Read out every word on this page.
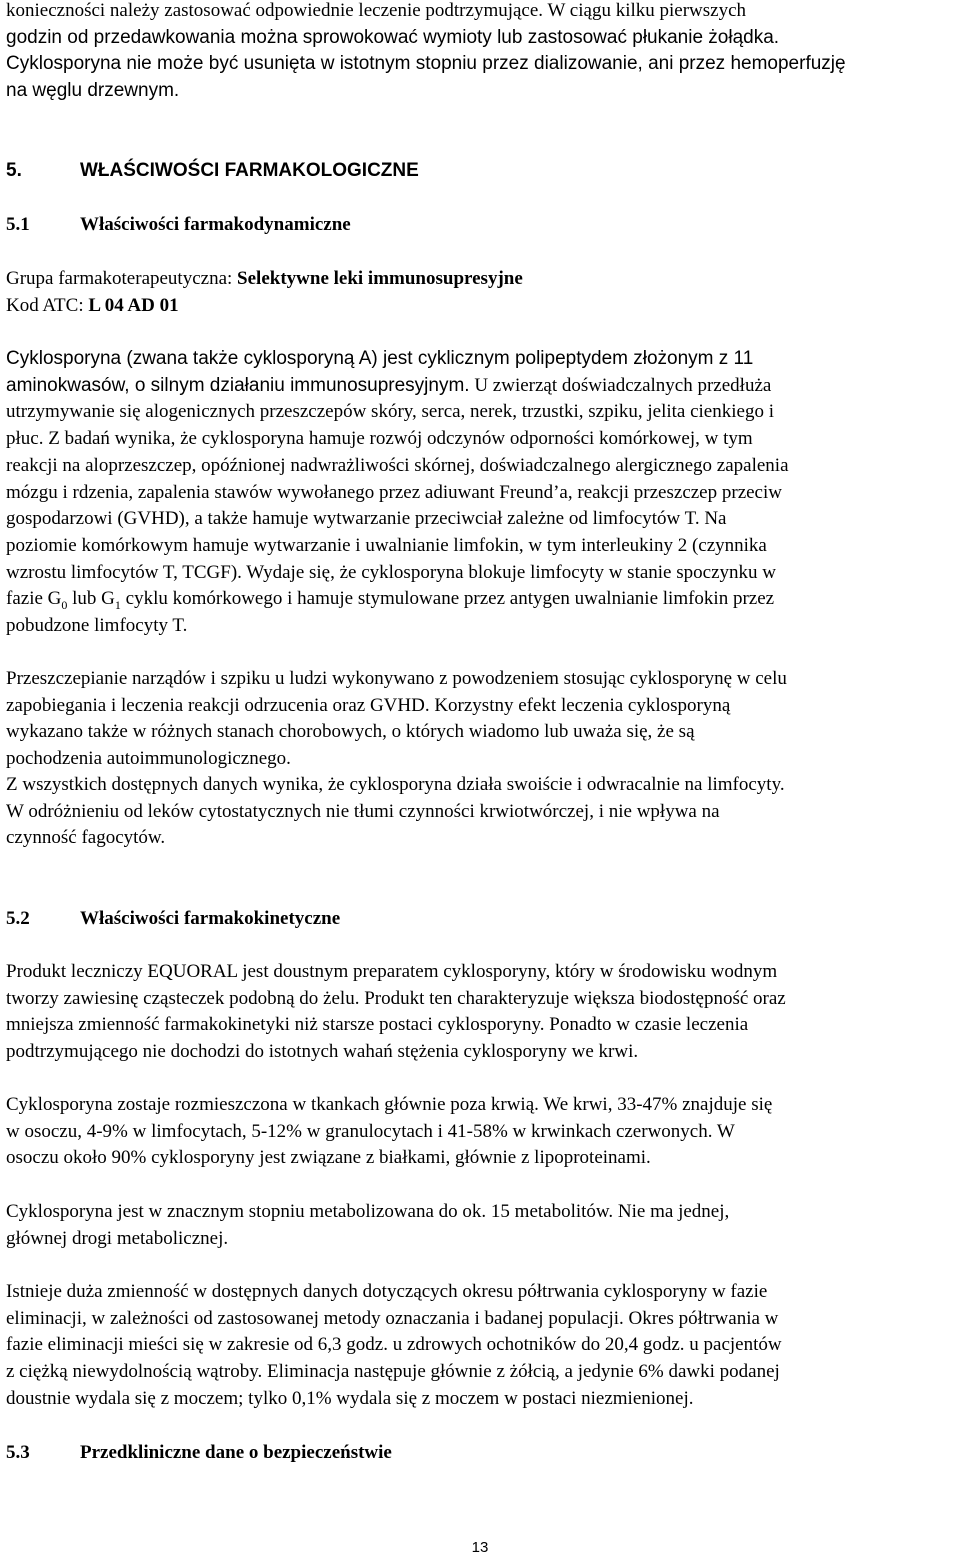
konieczności należy zastosować odpowiednie leczenie podtrzymujące. W ciągu kilku pierwszych
godzin od przedawkowania można sprowokować wymioty lub zastosować płukanie żołądka.
Cyklosporyna nie może być usunięta w istotnym stopniu przez dializowanie, ani przez hemoperfuzję
na węglu drzewnym.

5.	WŁAŚCIWOŚCI FARMAKOLOGICZNE
5.1	Właściwości farmakodynamiczne

Grupa farmakoterapeutyczna: Selektywne leki immunosupresyjne
Kod ATC: L 04 AD 01

Cyklosporyna (zwana także cyklosporyną A) jest cyklicznym polipeptydem złożonym z 11
aminokwasów, o silnym działaniu immunosupresyjnym. U zwierząt doświadczalnych przedłuża
utrzymywanie się alogenicznych przeszczepów skóry, serca, nerek, trzustki, szpiku, jelita cienkiego i
płuc. Z badań wynika, że cyklosporyna hamuje rozwój odczynów odporności komórkowej, w tym
reakcji na aloprzeszczep, opóźnionej nadwrażliwości skórnej, doświadczalnego alergicznego zapalenia
mózgu i rdzenia, zapalenia stawów wywołanego przez adiuwant Freund’a, reakcji przeszczep przeciw
gospodarzowi (GVHD), a także hamuje wytwarzanie przeciwciał zależne od limfocytów T. Na
poziomie komórkowym hamuje wytwarzanie i uwalnianie limfokin, w tym interleukiny 2 (czynnika
wzrostu limfocytów T, TCGF). Wydaje się, że cyklosporyna blokuje limfocyty w stanie spoczynku w
fazie $G_0$ lub $G_1$ cyklu komórkowego i hamuje stymulowane przez antygen uwalnianie limfokin przez
pobudzone limfocyty T.

Przeszczepianie narządów i szpiku u ludzi wykonywano z powodzeniem stosując cyklosporynę w celu
zapobiegania i leczenia reakcji odrzucenia oraz GVHD. Korzystny efekt leczenia cyklosporyną
wykazano także w różnych stanach chorobowych, o których wiadomo lub uważa się, że są
pochodzenia autoimmunologicznego.

Z wszystkich dostępnych danych wynika, że cyklosporyna działa swoiście i odwracalnie na limfocyty.
W odróżnieniu od leków cytostatycznych nie tłumi czynności krwiotwórczej, i nie wpływa na
czynność fagocytów.

5.2	Właściwości farmakokinetyczne

Produkt leczniczy EQUORAL jest doustnym preparatem cyklosporyny, który w środowisku wodnym
tworzy zawiesinę cząsteczek podobną do żelu. Produkt ten charakteryzuje większa biodostępność oraz
mniejsza zmienność farmakokinetyki niż starsze postaci cyklosporyny. Ponadto w czasie leczenia
podtrzymującego nie dochodzi do istotnych wahań stężenia cyklosporyny we krwi.

Cyklosporyna zostaje rozmieszczona w tkankach głównie poza krwią. We krwi, 33-47% znajduje się
w osoczu, 4-9% w limfocytach, 5-12% w granulocytach i 41-58% w krwinkach czerwonych. W
osoczu około 90% cyklosporyny jest związane z białkami, głównie z lipoproteinami.

Cyklosporyna jest w znacznym stopniu metabolizowana do ok. 15 metabolitów. Nie ma jednej,
głównej drogi metabolicznej.

Istnieje duża zmienność w dostępnych danych dotyczących okresu półtrwania cyklosporyny w fazie
eliminacji, w zależności od zastosowanej metody oznaczania i badanej populacji. Okres półtrwania w
fazie eliminacji mieści się w zakresie od 6,3 godz. u zdrowych ochotników do 20,4 godz. u pacjentów
z ciężką niewydolnością wątroby. Eliminacja następuje głównie z żółcią, a jedynie 6% dawki podanej
doustnie wydala się z moczem; tylko 0,1% wydala się z moczem w postaci niezmienionej.

5.3	Przedkliniczne dane o bezpieczeństwie
13
